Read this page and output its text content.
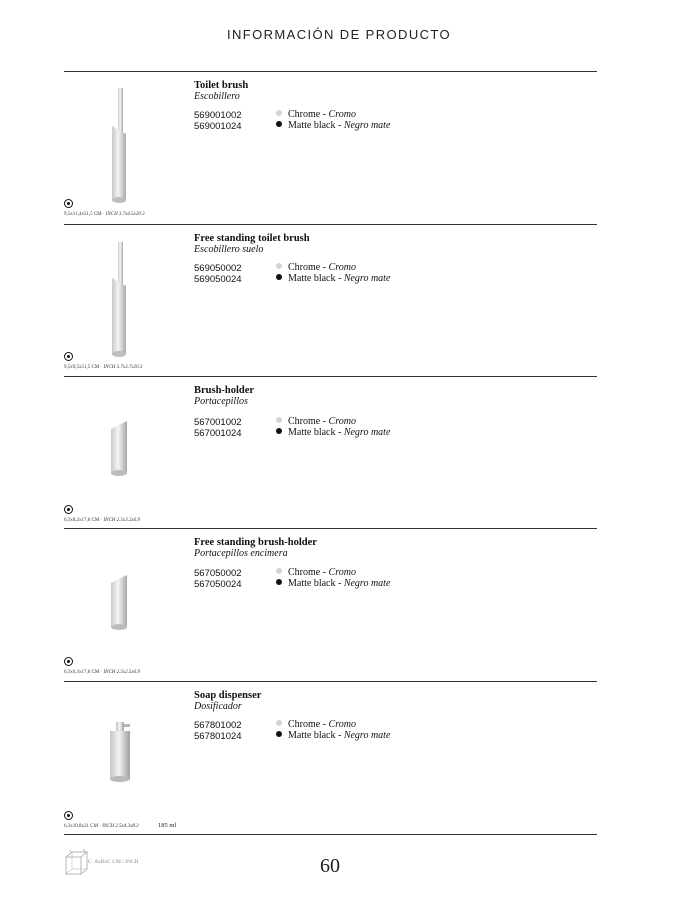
INFORMACIÓN DE PRODUCTO
Toilet brush
Escobillero
569001002	Chrome - Cromo
569001024	Matte black - Negro mate
9,5x11,4x51,5 CM · INCH 3.7x4.5x20.3
Free standing toilet brush
Escobillero suelo
569050002	Chrome - Cromo
569050024	Matte black - Negro mate
9,5x9,5x51,5 CM · INCH 3.7x3.7x20.3
Brush-holder
Portacepillos
567001002	Chrome - Cromo
567001024	Matte black - Negro mate
6,3x8,2x17,6 CM · INCH 2.5x3.2x6.9
Free standing brush-holder
Portacepillos encimera
567050002	Chrome - Cromo
567050024	Matte black - Negro mate
6,3x6,3x17,6 CM · INCH 2.5x2.5x6.9
Soap dispenser
Dosificador
567801002	Chrome - Cromo
567801024	Matte black - Negro mate
6,3x10,8x21 CM · INCH 2.5x4.3x8.3	185 ml
A	B
C AxBxC CM / INCH	60
